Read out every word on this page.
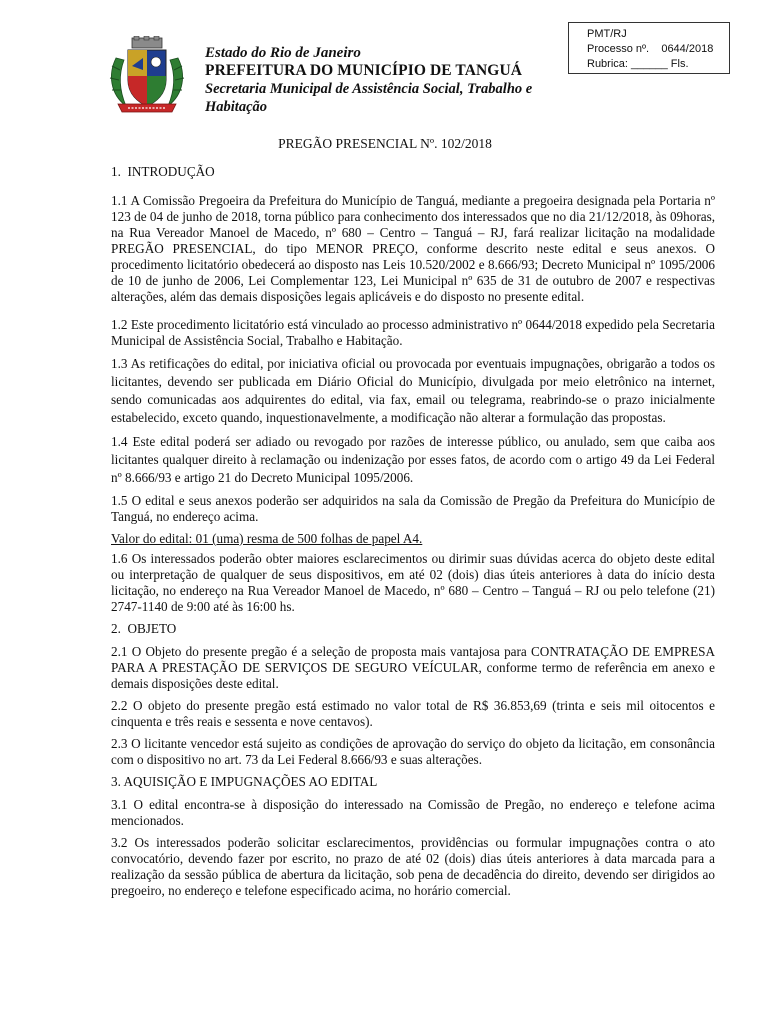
Estado do Rio de Janeiro
PREFEITURA DO MUNICÍPIO DE TANGUÁ
Secretaria Municipal de Assistência Social, Trabalho e
Habitação
PMT/RJ
Processo nº.    0644/2018
Rubrica: ______ Fls.
PREGÃO PRESENCIAL Nº. 102/2018

1.  INTRODUÇÃO

1.1 A Comissão Pregoeira da Prefeitura do Município de Tanguá, mediante a pregoeira designada pela Portaria nº 123 de 04 de junho de 2018, torna público para conhecimento dos interessados que no dia 21/12/2018, às 09horas, na Rua Vereador Manoel de Macedo, nº 680 – Centro – Tanguá – RJ, fará realizar licitação na modalidade PREGÃO PRESENCIAL, do tipo MENOR PREÇO, conforme descrito neste edital e seus anexos. O procedimento licitatório obedecerá ao disposto nas Leis 10.520/2002 e 8.666/93; Decreto Municipal nº 1095/2006 de 10 de junho de 2006, Lei Complementar 123, Lei Municipal nº 635 de 31 de outubro de 2007 e respectivas alterações, além das demais disposições legais aplicáveis e do disposto no presente edital.

1.2 Este procedimento licitatório está vinculado ao processo administrativo nº 0644/2018 expedido pela Secretaria Municipal de Assistência Social, Trabalho e Habitação.

1.3 As retificações do edital, por iniciativa oficial ou provocada por eventuais impugnações, obrigarão a todos os licitantes, devendo ser publicada em Diário Oficial do Município, divulgada por meio eletrônico na internet, sendo comunicadas aos adquirentes do edital, via fax, email ou telegrama, reabrindo-se o prazo inicialmente estabelecido, exceto quando, inquestionavelmente, a modificação não alterar a formulação das propostas.

1.4 Este edital poderá ser adiado ou revogado por razões de interesse público, ou anulado, sem que caiba aos licitantes qualquer direito à reclamação ou indenização por esses fatos, de acordo com o artigo 49 da Lei Federal nº 8.666/93 e artigo 21 do Decreto Municipal 1095/2006.

1.5 O edital e seus anexos poderão ser adquiridos na sala da Comissão de Pregão da Prefeitura do Município de Tanguá, no endereço acima.

Valor do edital: 01 (uma) resma de 500 folhas de papel A4.

1.6 Os interessados poderão obter maiores esclarecimentos ou dirimir suas dúvidas acerca do objeto deste edital ou interpretação de qualquer de seus dispositivos, em até 02 (dois) dias úteis anteriores à data do início desta licitação, no endereço na Rua Vereador Manoel de Macedo, nº 680 – Centro – Tanguá – RJ ou pelo telefone (21) 2747-1140 de 9:00 até às 16:00 hs.

2.  OBJETO

2.1 O Objeto do presente pregão é a seleção de proposta mais vantajosa para CONTRATAÇÃO DE EMPRESA PARA A PRESTAÇÃO DE SERVIÇOS DE SEGURO VEÍCULAR, conforme termo de referência em anexo e demais disposições deste edital.

2.2 O objeto do presente pregão está estimado no valor total de R$ 36.853,69 (trinta e seis mil oitocentos e cinquenta e três reais e sessenta e nove centavos).

2.3 O licitante vencedor está sujeito as condições de aprovação do serviço do objeto da licitação, em consonância com o dispositivo no art. 73 da Lei Federal 8.666/93 e suas alterações.

3. AQUISIÇÃO E IMPUGNAÇÕES AO EDITAL

3.1 O edital encontra-se à disposição do interessado na Comissão de Pregão, no endereço e telefone acima mencionados.

3.2 Os interessados poderão solicitar esclarecimentos, providências ou formular impugnações contra o ato convocatório, devendo fazer por escrito, no prazo de até 02 (dois) dias úteis anteriores à data marcada para a realização da sessão pública de abertura da licitação, sob pena de decadência do direito, devendo ser dirigidos ao pregoeiro, no endereço e telefone especificado acima, no horário comercial.
